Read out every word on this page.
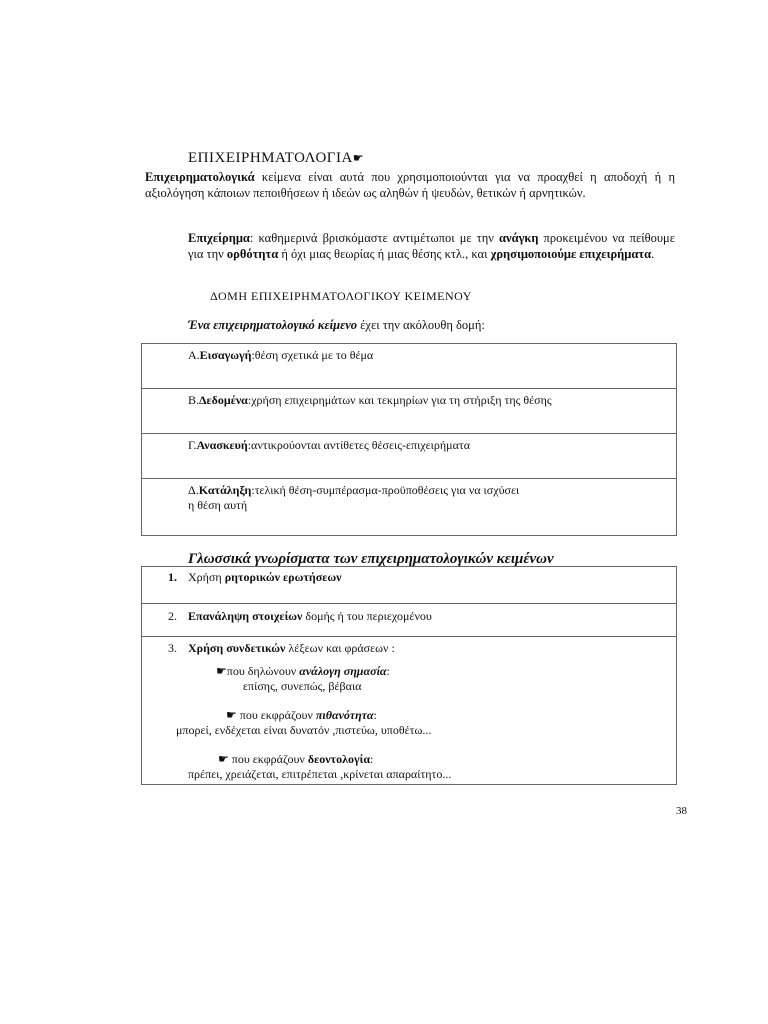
ΕΠΙΧΕΙΡΗΜΑΤΟΛΟΓΙΑ☛
Επιχειρηματολογικά κείμενα είναι αυτά που χρησιμοποιούνται για να προαχθεί η αποδοχή ή η αξιολόγηση κάποιων πεποιθήσεων ή ιδεών ως αληθών ή ψευδών, θετικών ή αρνητικών.
Επιχείρημα: καθημερινά βρισκόμαστε αντιμέτωποι με την ανάγκη προκειμένου να πείθουμε για την ορθότητα ή όχι μιας θεωρίας ή μιας θέσης κτλ., και χρησιμοποιούμε επιχειρήματα.
ΔΟΜΗ ΕΠΙΧΕΙΡΗΜΑΤΟΛΟΓΙΚΟΥ ΚΕΙΜΕΝΟΥ
Ένα επιχειρηματολογικό κείμενο έχει την ακόλουθη δομή:
Α.Εισαγωγή:θέση σχετικά με το θέμα
Β.Δεδομένα:χρήση επιχειρημάτων και τεκμηρίων για τη στήριξη της θέσης
Γ.Ανασκευή:αντικρούονται αντίθετες θέσεις-επιχειρήματα
Δ.Κατάληξη:τελική θέση-συμπέρασμα-προϋποθέσεις για να ισχύσει
η θέση αυτή
Γλωσσικά γνωρίσματα των επιχειρηματολογικών κειμένων
1. Χρήση ρητορικών ερωτήσεων
2. Επανάληψη στοιχείων δομής ή του περιεχομένου
3. Χρήση συνδετικών λέξεων και φράσεων :
☛που δηλώνουν ανάλογη σημασία:
επίσης, συνεπώς, βέβαια
☛ που εκφράζουν πιθανότητα:
μπορεί, ενδέχεται είναι δυνατόν ,πιστεύω, υποθέτω...
☛ που εκφράζουν δεοντολογία:
πρέπει, χρειάζεται, επιτρέπεται ,κρίνεται απαραίτητο...
38
